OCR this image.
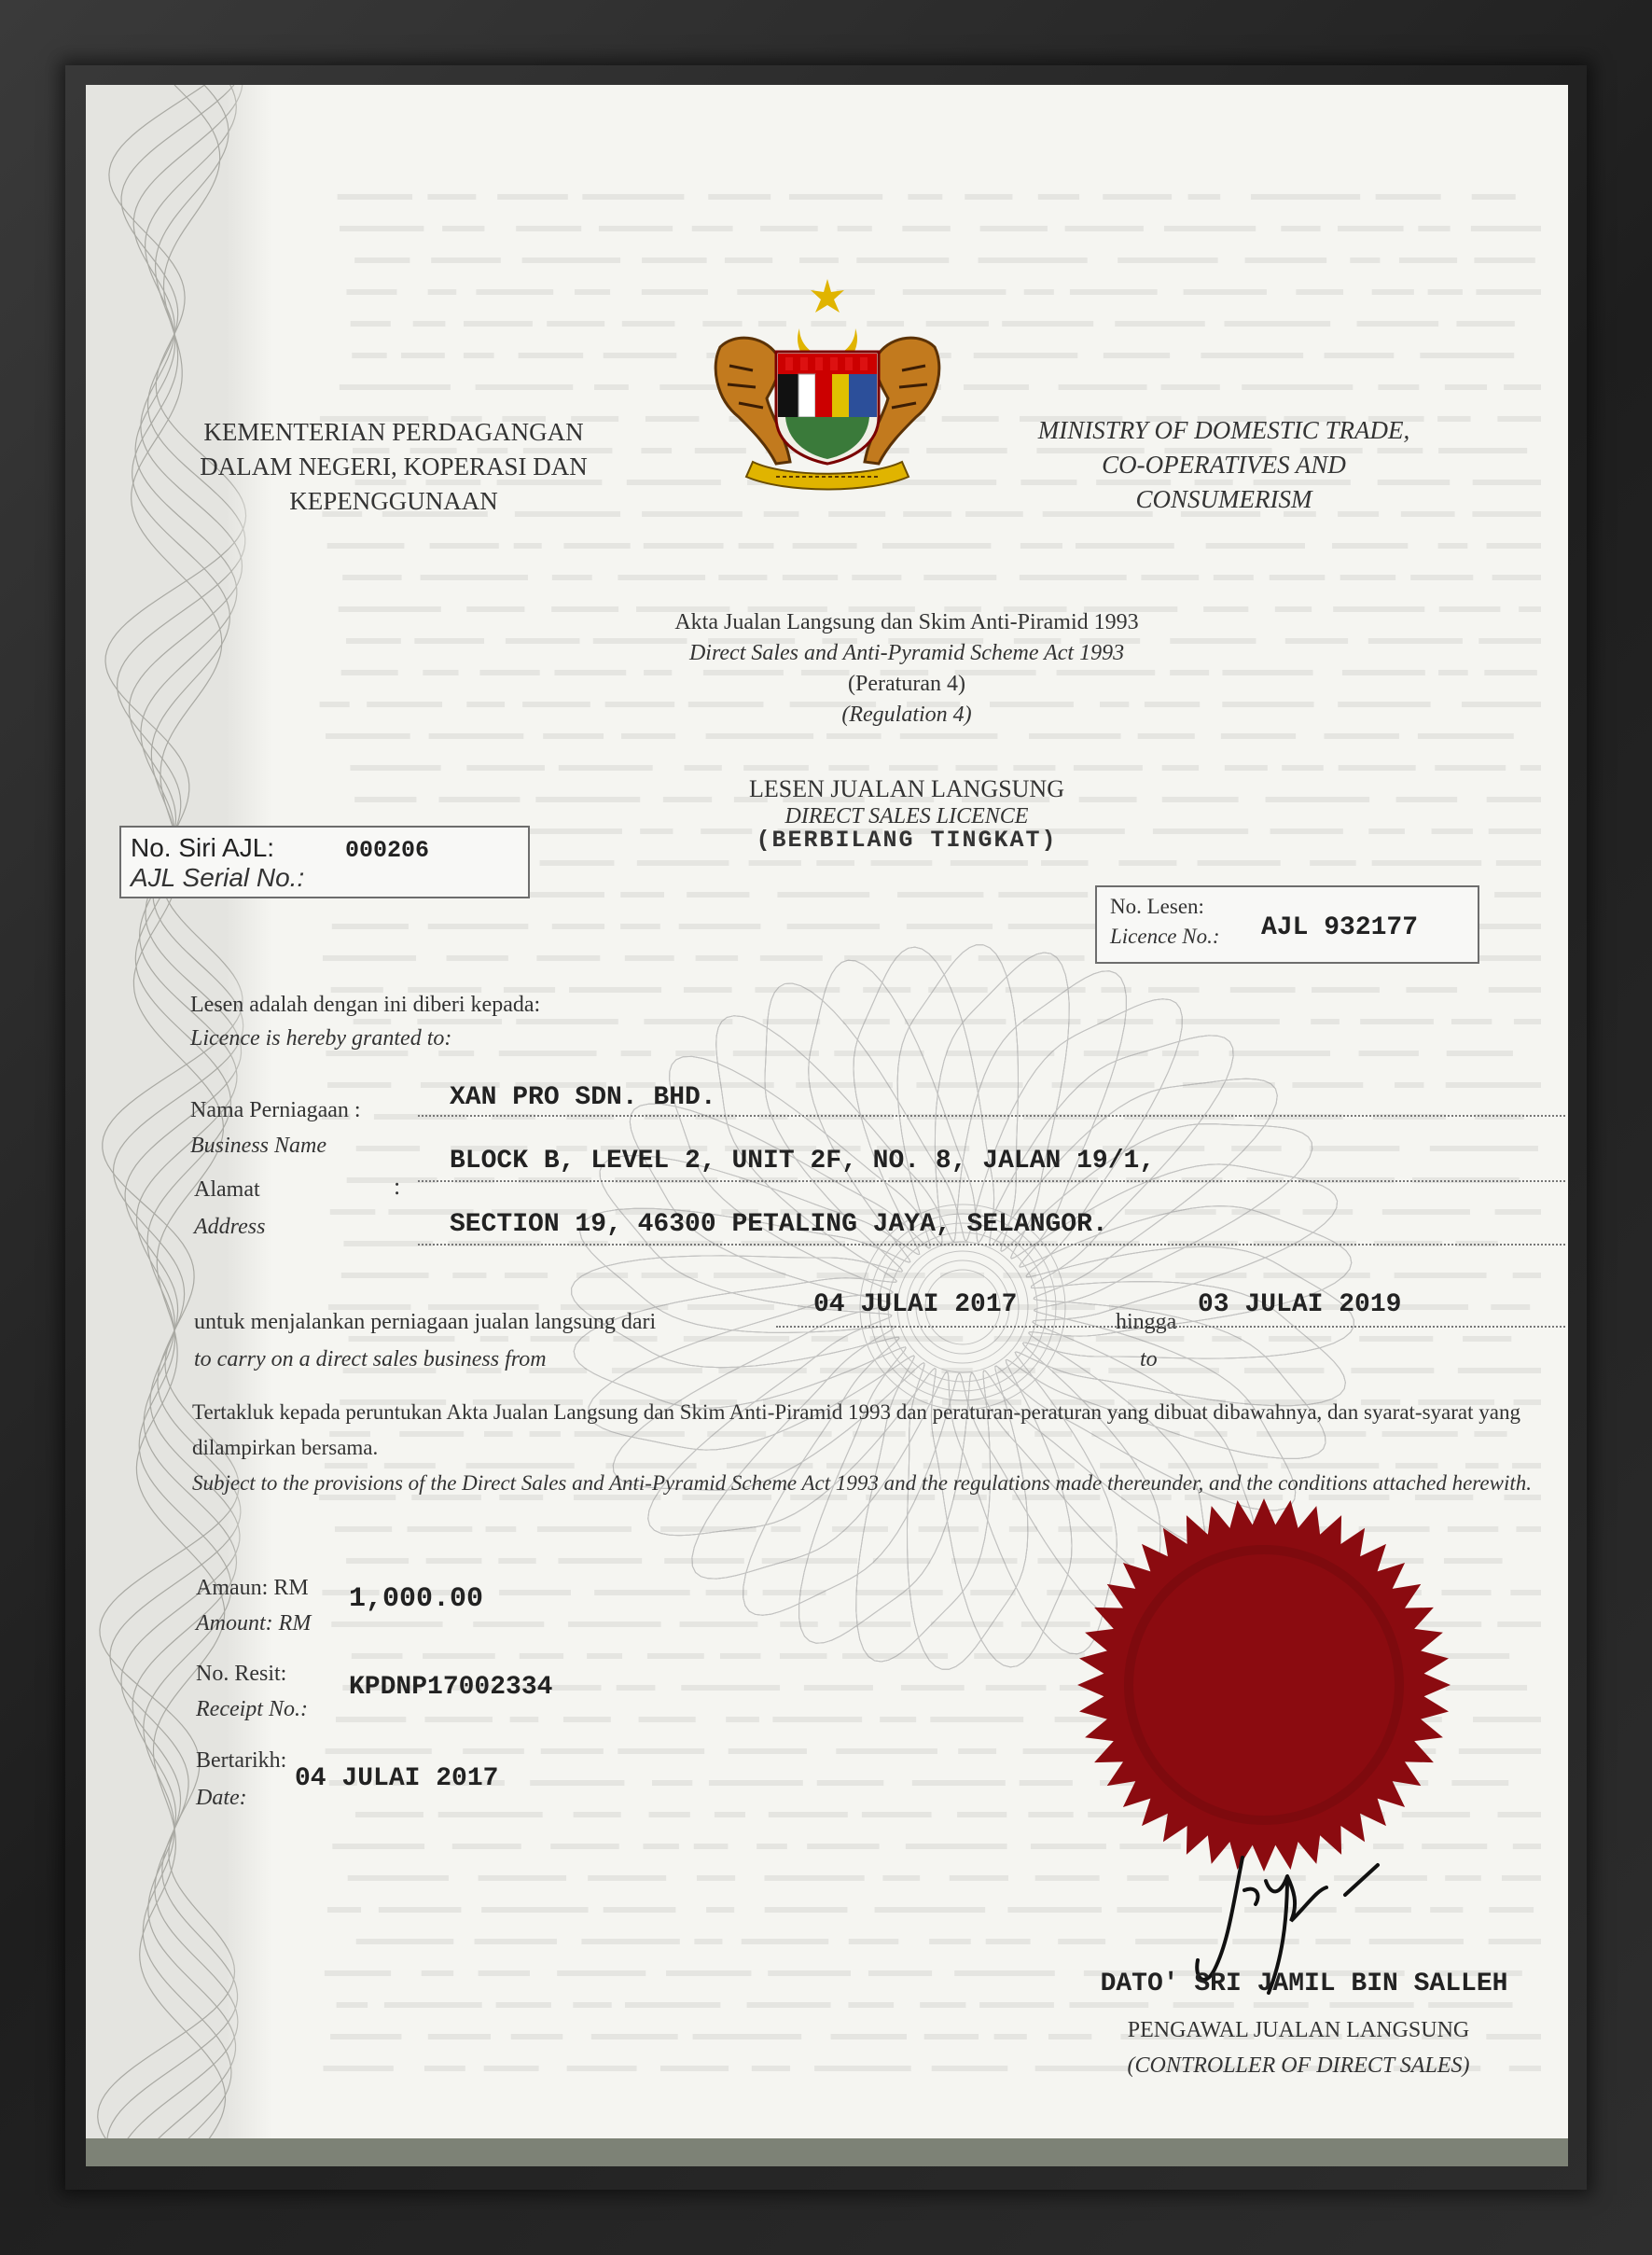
KEMENTERIAN PERDAGANGAN
DALAM NEGERI, KOPERASI DAN
KEPENGGUNAAN
MINISTRY OF DOMESTIC TRADE,
CO-OPERATIVES AND
CONSUMERISM
Akta Jualan Langsung dan Skim Anti-Piramid 1993
Direct Sales and Anti-Pyramid Scheme Act 1993
(Peraturan 4)
(Regulation 4)
LESEN JUALAN LANGSUNG
DIRECT SALES LICENCE
(BERBILANG TINGKAT)
No. Siri AJL:	000206
AJL Serial No.:
No. Lesen:
Licence No.: AJL 932177
Lesen adalah dengan ini diberi kepada:
Licence is hereby granted to:
Nama Perniagaan :
Business Name
XAN PRO SDN. BHD.
Alamat
Address
:
BLOCK B, LEVEL 2, UNIT 2F, NO. 8, JALAN 19/1,
SECTION 19, 46300 PETALING JAYA, SELANGOR.
untuk menjalankan perniagaan jualan langsung dari
to carry on a direct sales business from
04 JULAI 2017
hingga
to
03 JULAI 2019
Tertakluk kepada peruntukan Akta Jualan Langsung dan Skim Anti-Piramid 1993 dan peraturan-peraturan yang dibuat dibawahnya, dan syarat-syarat yang dilampirkan bersama.
Subject to the provisions of the Direct Sales and Anti-Pyramid Scheme Act 1993 and the regulations made thereunder, and the conditions attached herewith.
Amaun: RM
Amount: RM
1,000.00
No. Resit:
Receipt No.:
KPDNP17002334
Bertarikh:
Date:
04 JULAI 2017
DATO' SRI JAMIL BIN SALLEH
PENGAWAL JUALAN LANGSUNG
(CONTROLLER OF DIRECT SALES)
